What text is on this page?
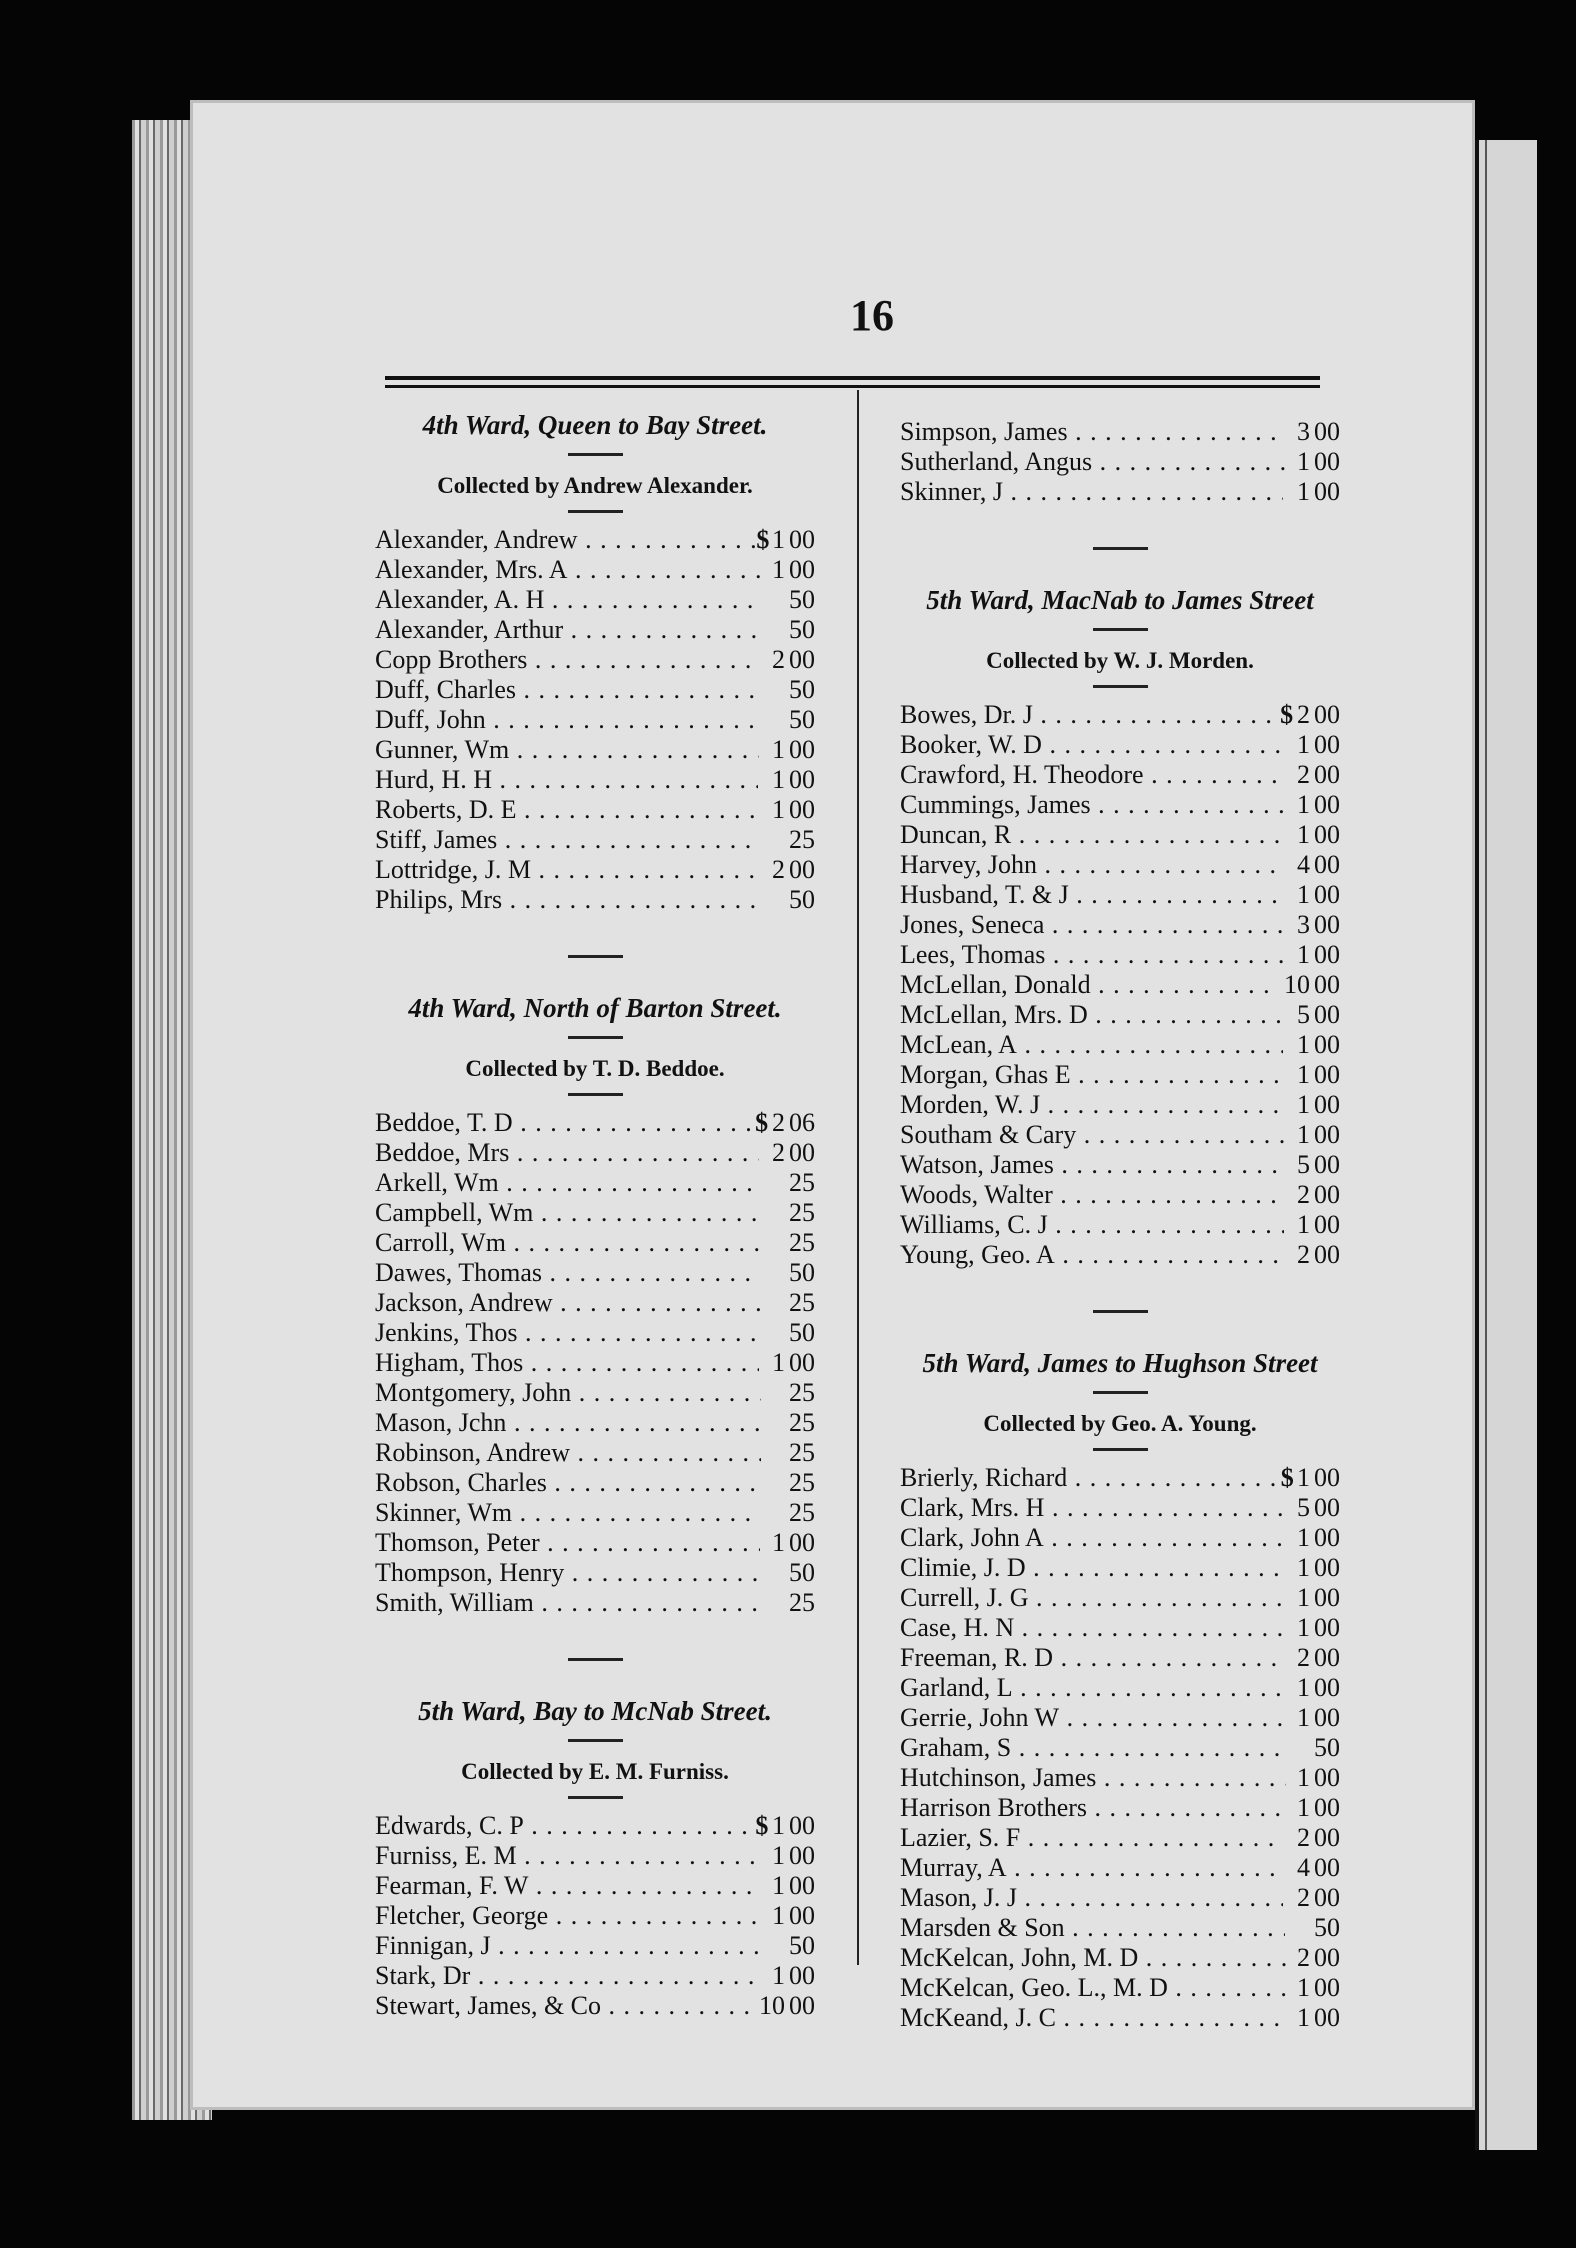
16
4th Ward, Queen to Bay Street.
Collected by Andrew Alexander.
Alexander, Andrew . . .	$ 1 00
Alexander, Mrs. A . . .	1 00
Alexander, A. H . . .	50
Alexander, Arthur . . .	50
Copp Brothers . . .	2 00
Duff, Charles . . .	50
Duff, John . . .	50
Gunner, Wm . . .	1 00
Hurd, H. H . . .	1 00
Roberts, D. E . . .	1 00
Stiff, James . . .	25
Lottridge, J. M . . .	2 00
Philips, Mrs . . .	50
4th Ward, North of Barton Street.
Collected by T. D. Beddoe.
Beddoe, T. D . . .	$ 2 06
Beddoe, Mrs . . .	2 00
Arkell, Wm . . .	25
Campbell, Wm . . .	25
Carroll, Wm . . .	25
Dawes, Thomas . . .	50
Jackson, Andrew . . .	25
Jenkins, Thos . . .	50
Higham, Thos . . .	1 00
Montgomery, John . . .	25
Mason, Jchn . . .	25
Robinson, Andrew . . .	25
Robson, Charles . . .	25
Skinner, Wm . . .	25
Thomson, Peter . . .	1 00
Thompson, Henry . . .	50
Smith, William . . .	25
5th Ward, Bay to McNab Street.
Collected by E. M. Furniss.
Edwards, C. P . . .	$ 1 00
Furniss, E. M . . .	1 00
Fearman, F. W . . .	1 00
Fletcher, George . . .	1 00
Finnigan, J . . .	50
Stark, Dr . . .	1 00
Stewart, James, & Co . . .	10 00
Simpson, James . . .	3 00
Sutherland, Angus . . .	1 00
Skinner, J . . .	1 00
5th Ward, MacNab to James Street
Collected by W. J. Morden.
Bowes, Dr. J . . .	$ 2 00
Booker, W. D . . .	1 00
Crawford, H. Theodore . . .	2 00
Cummings, James . . .	1 00
Duncan, R . . .	1 00
Harvey, John . . .	4 00
Husband, T. & J . . .	1 00
Jones, Seneca . . .	3 00
Lees, Thomas . . .	1 00
McLellan, Donald . . .	10 00
McLellan, Mrs. D . . .	5 00
McLean, A . . .	1 00
Morgan, Ghas E . . .	1 00
Morden, W. J . . .	1 00
Southam & Cary . . .	1 00
Watson, James . . .	5 00
Woods, Walter . . .	2 00
Williams, C. J . . .	1 00
Young, Geo. A . . .	2 00
5th Ward, James to Hughson Street
Collected by Geo. A. Young.
Brierly, Richard . . .	$ 1 00
Clark, Mrs. H . . .	5 00
Clark, John A . . .	1 00
Climie, J. D . . .	1 00
Currell, J. G . . .	1 00
Case, H. N . . .	1 00
Freeman, R. D . . .	2 00
Garland, L . . .	1 00
Gerrie, John W . . .	1 00
Graham, S . . .	50
Hutchinson, James . . .	1 00
Harrison Brothers . . .	1 00
Lazier, S. F . . .	2 00
Murray, A . . .	4 00
Mason, J. J . . .	2 00
Marsden & Son . . .	50
McKelcan, John, M. D . . .	2 00
McKelcan, Geo. L., M. D . . .	1 00
McKeand, J. C . . .	1 00
